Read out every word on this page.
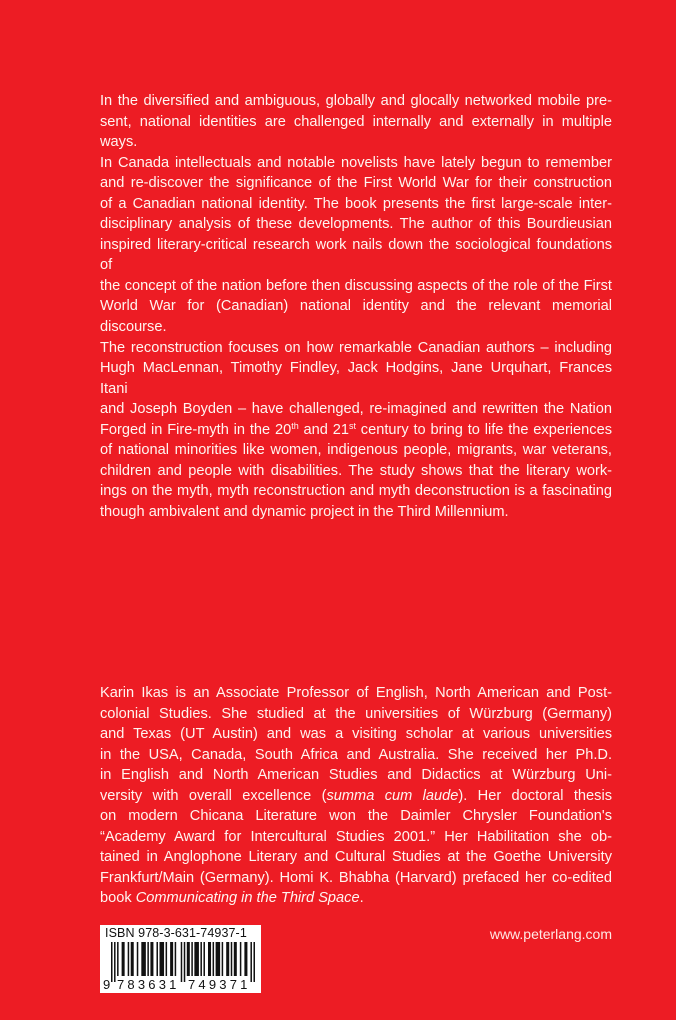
In the diversified and ambiguous, globally and glocally networked mobile pre-
sent, national identities are challenged internally and externally in multiple ways.
In Canada intellectuals and notable novelists have lately begun to remember
and re-discover the significance of the First World War for their construction
of a Canadian national identity. The book presents the first large-scale inter-
disciplinary analysis of these developments. The author of this Bourdieusian
inspired literary-critical research work nails down the sociological foundations of
the concept of the nation before then discussing aspects of the role of the First
World War for (Canadian) national identity and the relevant memorial discourse.
The reconstruction focuses on how remarkable Canadian authors – including
Hugh MacLennan, Timothy Findley, Jack Hodgins, Jane Urquhart, Frances Itani
and Joseph Boyden – have challenged, re-imagined and rewritten the Nation
Forged in Fire-myth in the 20th and 21st century to bring to life the experiences
of national minorities like women, indigenous people, migrants, war veterans,
children and people with disabilities. The study shows that the literary work-
ings on the myth, myth reconstruction and myth deconstruction is a fascinating
though ambivalent and dynamic project in the Third Millennium.
Karin Ikas is an Associate Professor of English, North American and Post-
colonial Studies. She studied at the universities of Würzburg (Germany)
and Texas (UT Austin) and was a visiting scholar at various universities
in the USA, Canada, South Africa and Australia. She received her Ph.D.
in English and North American Studies and Didactics at Würzburg Uni-
versity with overall excellence (summa cum laude). Her doctoral thesis
on modern Chicana Literature won the Daimler Chrysler Foundation's
“Academy Award for Intercultural Studies 2001.” Her Habilitation she ob-
tained in Anglophone Literary and Cultural Studies at the Goethe University
Frankfurt/Main (Germany). Homi K. Bhabha (Harvard) prefaced her co-edited
book Communicating in the Third Space.
ISBN 978-3-631-74937-1
9 783631 749371
www.peterlang.com
